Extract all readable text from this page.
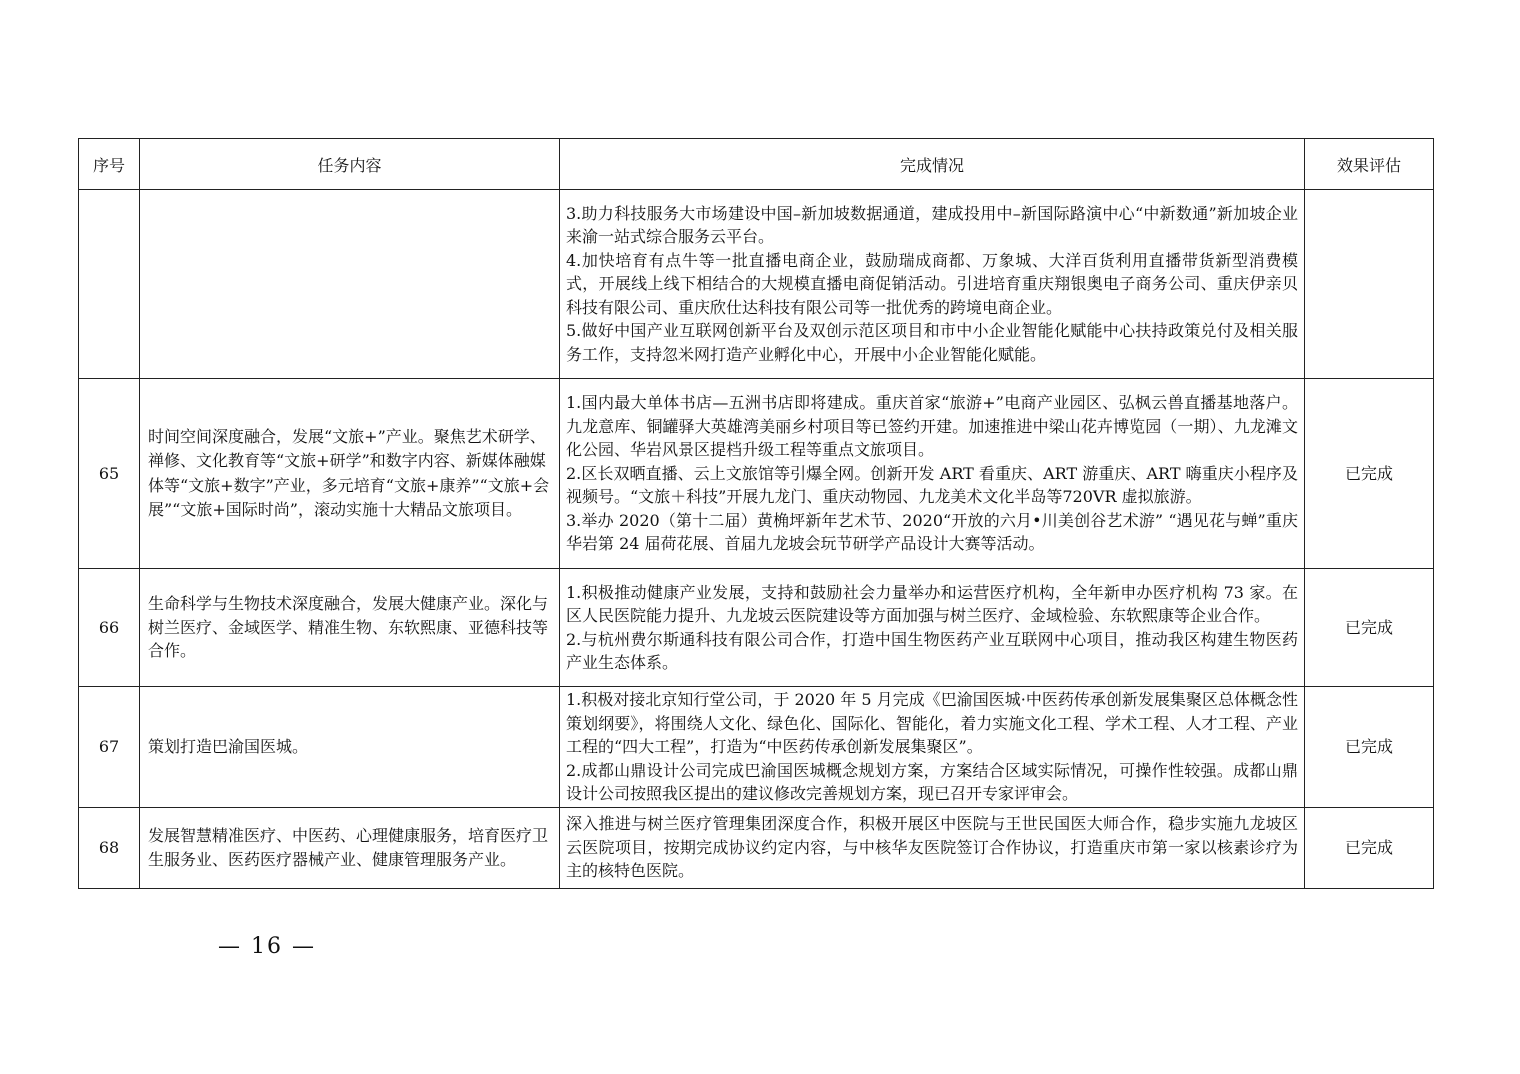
序号	任务内容	完成情况	效果评估

		3.助力科技服务大市场建设中国–新加坡数据通道，建成投用中–新国际路演中心“中新数通”新加坡企业来渝一站式综合服务云平台。
4.加快培育有点牛等一批直播电商企业，鼓励瑞成商都、万象城、大洋百货利用直播带货新型消费模式，开展线上线下相结合的大规模直播电商促销活动。引进培育重庆翔银奥电子商务公司、重庆伊亲贝科技有限公司、重庆欣仕达科技有限公司等一批优秀的跨境电商企业。
5.做好中国产业互联网创新平台及双创示范区项目和市中小企业智能化赋能中心扶持政策兑付及相关服务工作，支持忽米网打造产业孵化中心，开展中小企业智能化赋能。	

65	时间空间深度融合，发展“文旅+”产业。聚焦艺术研学、禅修、文化教育等“文旅+研学”和数字内容、新媒体融媒体等“文旅+数字”产业，多元培育“文旅+康养”“文旅+会展”“文旅+国际时尚”，滚动实施十大精品文旅项目。	1.国内最大单体书店—五洲书店即将建成。重庆首家“旅游+”电商产业园区、弘枫云兽直播基地落户。九龙意库、铜罐驿大英雄湾美丽乡村项目等已签约开建。加速推进中梁山花卉博览园（一期）、九龙滩文化公园、华岩风景区提档升级工程等重点文旅项目。
2.区长双晒直播、云上文旅馆等引爆全网。创新开发 ART 看重庆、ART 游重庆、ART 嗨重庆小程序及视频号。“文旅＋科技”开展九龙门、重庆动物园、九龙美术文化半岛等720VR 虚拟旅游。
3.举办 2020（第十二届）黄桷坪新年艺术节、2020“开放的六月•川美创谷艺术游” “遇见花与蝉”重庆华岩第 24 届荷花展、首届九龙坡会玩节研学产品设计大赛等活动。	已完成
66	生命科学与生物技术深度融合，发展大健康产业。深化与树兰医疗、金域医学、精准生物、东软熙康、亚德科技等合作。	1.积极推动健康产业发展，支持和鼓励社会力量举办和运营医疗机构，全年新申办医疗机构 73 家。在区人民医院能力提升、九龙坡云医院建设等方面加强与树兰医疗、金域检验、东软熙康等企业合作。
2.与杭州费尔斯通科技有限公司合作，打造中国生物医药产业互联网中心项目，推动我区构建生物医药产业生态体系。	已完成
67	策划打造巴渝国医城。	1.积极对接北京知行堂公司，于 2020 年 5 月完成《巴渝国医城·中医药传承创新发展集聚区总体概念性策划纲要》，将围绕人文化、绿色化、国际化、智能化，着力实施文化工程、学术工程、人才工程、产业工程的“四大工程”，打造为“中医药传承创新发展集聚区”。
2.成都山鼎设计公司完成巴渝国医城概念规划方案，方案结合区域实际情况，可操作性较强。成都山鼎设计公司按照我区提出的建议修改完善规划方案，现已召开专家评审会。	已完成
68	发展智慧精准医疗、中医药、心理健康服务，培育医疗卫生服务业、医药医疗器械产业、健康管理服务产业。	深入推进与树兰医疗管理集团深度合作，积极开展区中医院与王世民国医大师合作，稳步实施九龙坡区云医院项目，按期完成协议约定内容，与中核华友医院签订合作协议，打造重庆市第一家以核素诊疗为主的核特色医院。	已完成
— 16 —
